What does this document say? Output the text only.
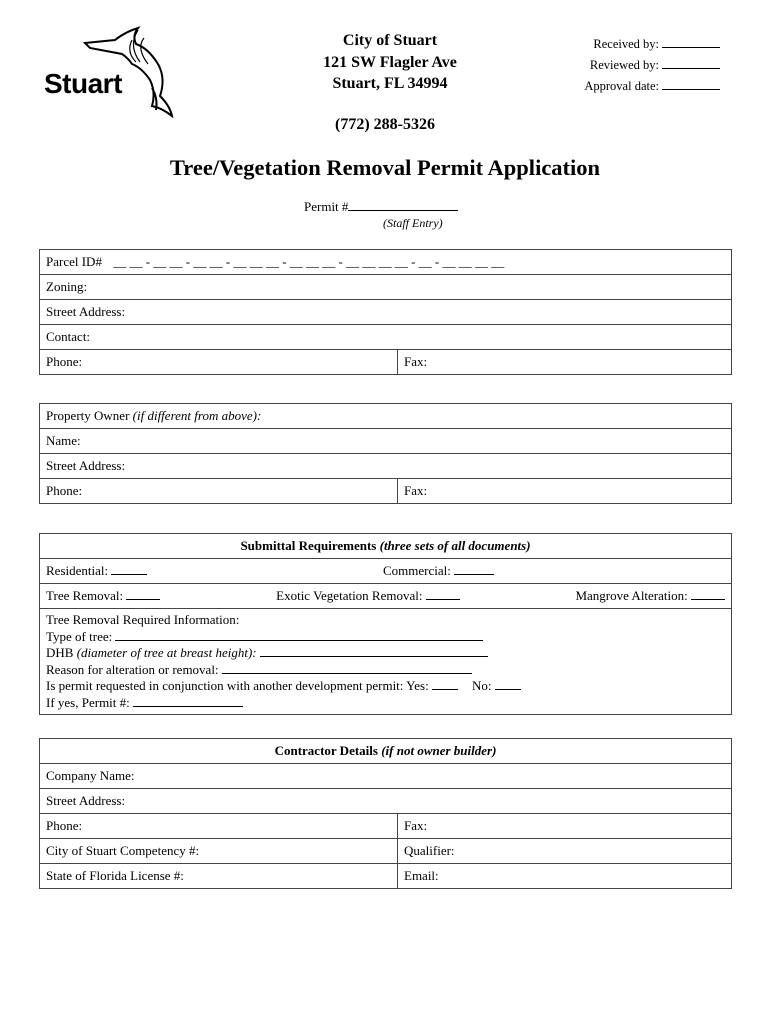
Stuart
City of Stuart
121 SW Flagler Ave
Stuart, FL 34994
(772) 288-5326
Received by:
Reviewed by:
Approval date:
Tree/Vegetation Removal Permit Application
Permit #
(Staff Entry)
Parcel ID# __ __ - __ __ - __ __ - __ __ __ - __ __ __ - __ __ __ __ - __ - __ __ __ __
Zoning:
Street Address:
Contact:
Phone:	Fax:
Property Owner (if different from above):
Name:
Street Address:
Phone:	Fax:
Submittal Requirements (three sets of all documents)
Residential:	Commercial:

Tree Removal:	Exotic Vegetation Removal:	Mangrove Alteration:

Tree Removal Required Information:
Type of tree:
DHB (diameter of tree at breast height):
Reason for alteration or removal:
Is permit requested in conjunction with another development permit: Yes:	No:
If yes, Permit #:
Contractor Details (if not owner builder)	
Company Name:	
Street Address:	
Phone:	Fax:
City of Stuart Competency #:	Qualifier:
State of Florida License #:	Email:
